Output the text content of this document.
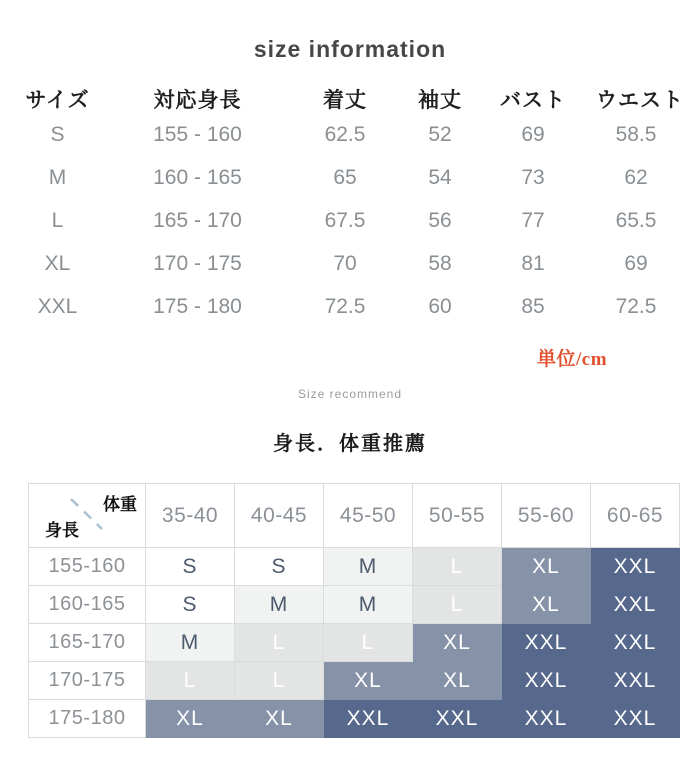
size information
サイズ	対応身長	着丈	袖丈	バスト	ウエスト
S	155 - 160	62.5	52	69	58.5
M	160 - 165	65	54	73	62
L	165 - 170	67.5	56	77	65.5
XL	170 - 175	70	58	81	69
XXL	175 - 180	72.5	60	85	72.5
単位/cm
Size recommend
身長．体重推薦
体重
身長
35-40	40-45	45-50	50-55	55-60	60-65
155-160	S	S	M	L	XL	XXL
160-165	S	M	M	L	XL	XXL
165-170	M	L	L	XL	XXL	XXL
170-175	L	L	XL	XL	XXL	XXL
175-180	XL	XL	XXL	XXL	XXL	XXL
